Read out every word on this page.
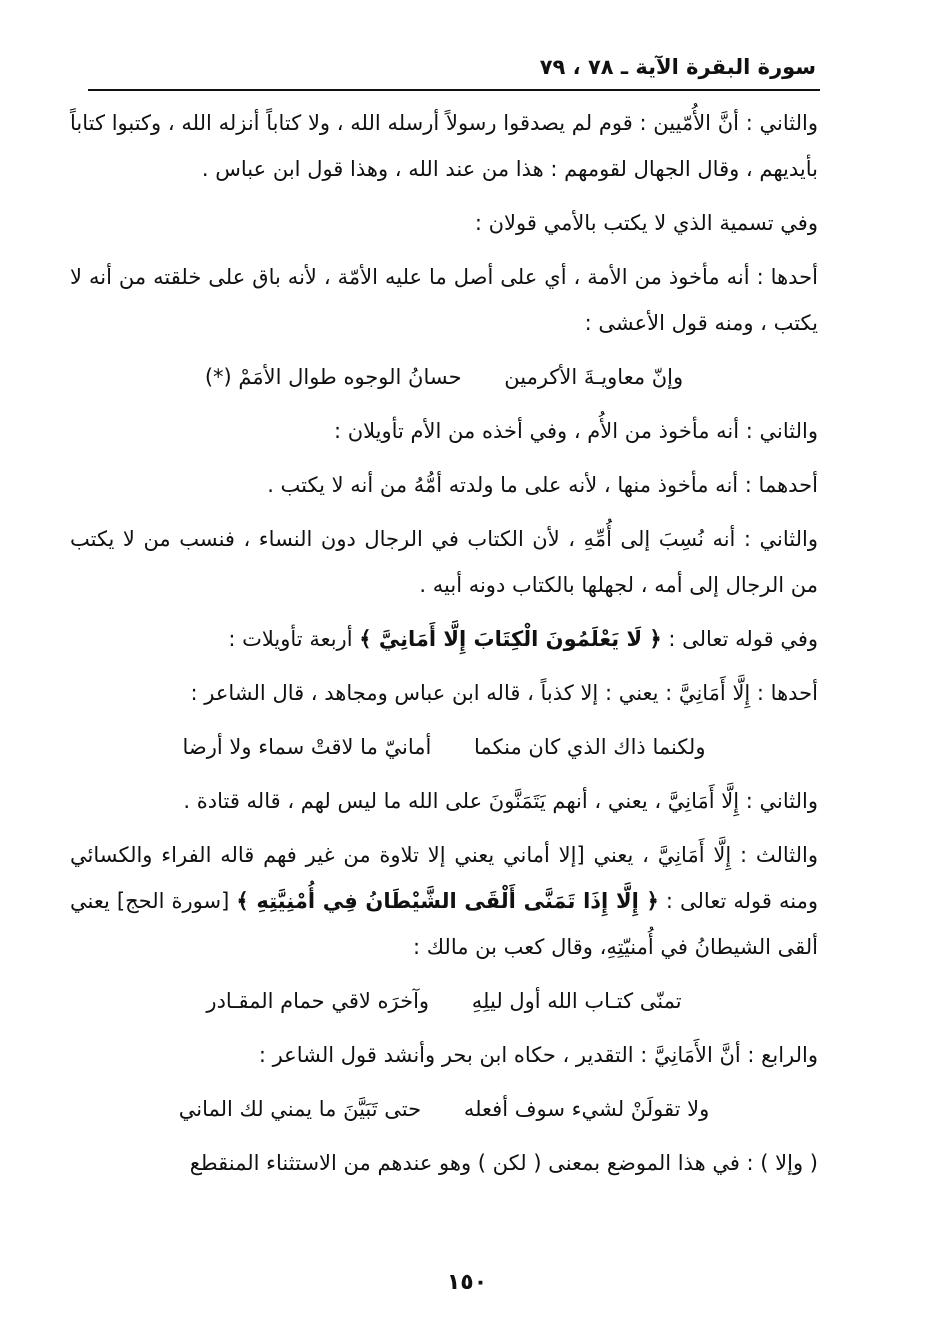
سورة البقرة الآية ـ ٧٨ ، ٧٩

والثاني : أنَّ الأُمّيين : قوم لم يصدقوا رسولاً أرسله الله ، ولا كتاباً أنزله الله ، وكتبوا كتاباً بأيديهم ، وقال الجهال لقومهم : هذا من عند الله ، وهذا قول ابن عباس .

وفي تسمية الذي لا يكتب بالأمي قولان :

أحدها : أنه مأخوذ من الأمة ، أي على أصل ما عليه الأمّة ، لأنه باق على خلقته من أنه لا يكتب ، ومنه قول الأعشى :

وإنّ معاويـةَ الأكرمين حسانُ الوجوه طوال الأمَمْ (*)

والثاني : أنه مأخوذ من الأُم ، وفي أخذه من الأم تأويلان :

أحدهما : أنه مأخوذ منها ، لأنه على ما ولدته أمُّهُ من أنه لا يكتب .

والثاني : أنه نُسِبَ إلى أُمِّهِ ، لأن الكتاب في الرجال دون النساء ، فنسب من لا يكتب من الرجال إلى أمه ، لجهلها بالكتاب دونه أبيه .

وفي قوله تعالى : ﴿ لَا يَعْلَمُونَ الْكِتَابَ إِلَّا أَمَانِيَّ ﴾ أربعة تأويلات :

أحدها : إِلَّا أَمَانِيَّ : يعني : إلا كذباً ، قاله ابن عباس ومجاهد ، قال الشاعر :

ولكنما ذاك الذي كان منكما أمانيّ ما لاقتْ سماء ولا أرضا

والثاني : إِلَّا أَمَانِيَّ ، يعني ، أنهم يَتَمَنَّونَ على الله ما ليس لهم ، قاله قتادة .

والثالث : إِلَّا أَمَانِيَّ ، يعني [إلا أماني يعني إلا تلاوة من غير فهم قاله الفراء والكسائي ومنه قوله تعالى : ﴿ إِلَّا إِذَا تَمَنَّى أَلْقَى الشَّيْطَانُ فِي أُمْنِيَّتِهِ ﴾ [سورة الحج] يعني ألقى الشيطانُ في أُمنيّتِهِ، وقال كعب بن مالك :

تمنّى كتـاب الله أول ليلِهِ وآخرَه لاقي حمام المقـادر

والرابع : أنَّ الأَمَانِيَّ : التقدير ، حكاه ابن بحر وأنشد قول الشاعر :

ولا تقولَنْ لشيء سوف أفعله حتى تَبَيَّنَ ما يمني لك الماني

( وإلا ) : في هذا الموضع بمعنى ( لكن ) وهو عندهم من الاستثناء المنقطع

١٥٠
